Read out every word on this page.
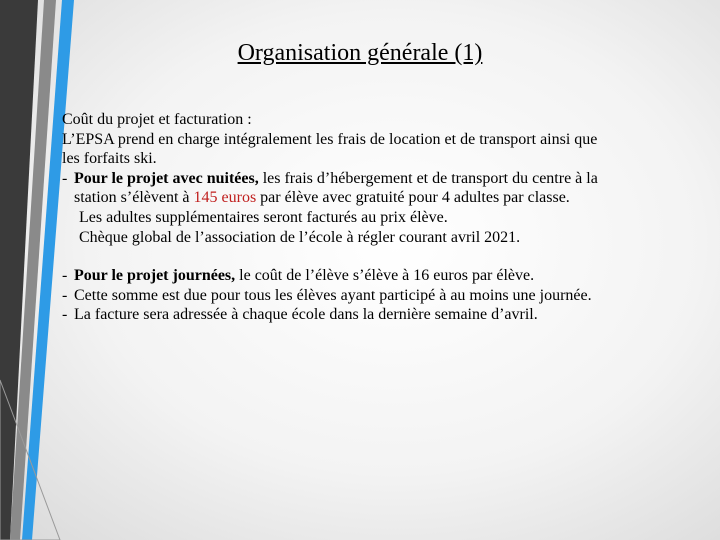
Organisation générale (1)

Coût du projet et facturation :

L’EPSA prend en charge intégralement les frais de location et de transport ainsi que

les forfaits ski.

- Pour le projet avec nuitées, les frais d’hébergement et de transport du centre à la

station s’élèvent à 145 euros par élève avec gratuité pour 4 adultes par classe.

Les adultes supplémentaires seront facturés au prix élève.

Chèque global de l’association de l’école à régler courant avril 2021.

- Pour le projet journées, le coût de l’élève s’élève à 16 euros par élève.

- Cette somme est due pour tous les élèves ayant participé à au moins une journée.

- La facture sera adressée à chaque école dans la dernière semaine d’avril.
